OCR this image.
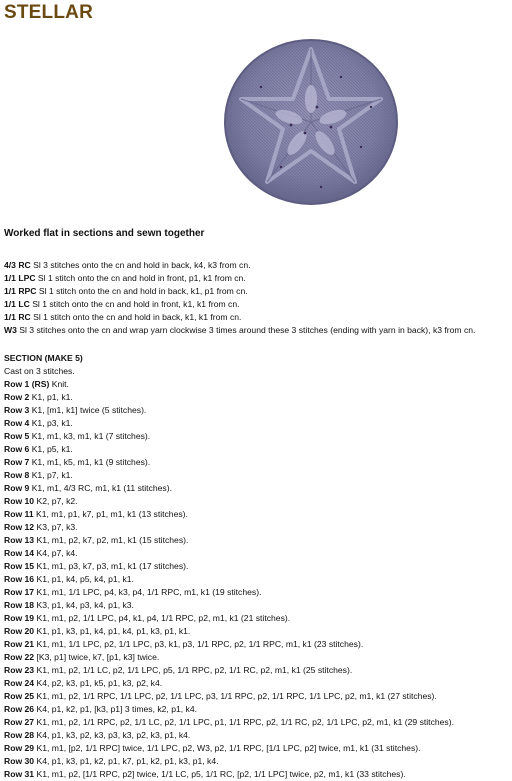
STELLAR
Worked flat in sections and sewn together
4/3 RC Sl 3 stitches onto the cn and hold in back, k4, k3 from cn.
1/1 LPC Sl 1 stitch onto the cn and hold in front, p1, k1 from cn.
1/1 RPC Sl 1 stitch onto the cn and hold in back, k1, p1 from cn.
1/1 LC Sl 1 stitch onto the cn and hold in front, k1, k1 from cn.
1/1 RC Sl 1 stitch onto the cn and hold in back, k1, k1 from cn.
W3 Sl 3 stitches onto the cn and wrap yarn clockwise 3 times around these 3 stitches (ending with yarn in back), k3 from cn.
SECTION (MAKE 5)
Cast on 3 stitches.
Row 1 (RS) Knit.
Row 2 K1, p1, k1.
Row 3 K1, [m1, k1] twice (5 stitches).
Row 4 K1, p3, k1.
Row 5 K1, m1, k3, m1, k1 (7 stitches).
Row 6 K1, p5, k1.
Row 7 K1, m1, k5, m1, k1 (9 stitches).
Row 8 K1, p7, k1.
Row 9 K1, m1, 4/3 RC, m1, k1 (11 stitches).
Row 10 K2, p7, k2.
Row 11 K1, m1, p1, k7, p1, m1, k1 (13 stitches).
Row 12 K3, p7, k3.
Row 13 K1, m1, p2, k7, p2, m1, k1 (15 stitches).
Row 14 K4, p7, k4.
Row 15 K1, m1, p3, k7, p3, m1, k1 (17 stitches).
Row 16 K1, p1, k4, p5, k4, p1, k1.
Row 17 K1, m1, 1/1 LPC, p4, k3, p4, 1/1 RPC, m1, k1 (19 stitches).
Row 18 K3, p1, k4, p3, k4, p1, k3.
Row 19 K1, m1, p2, 1/1 LPC, p4, k1, p4, 1/1 RPC, p2, m1, k1 (21 stitches).
Row 20 K1, p1, k3, p1, k4, p1, k4, p1, k3, p1, k1.
Row 21 K1, m1, 1/1 LPC, p2, 1/1 LPC, p3, k1, p3, 1/1 RPC, p2, 1/1 RPC, m1, k1 (23 stitches).
Row 22 [K3, p1] twice, k7, [p1, k3] twice.
Row 23 K1, m1, p2, 1/1 LC, p2, 1/1 LPC, p5, 1/1 RPC, p2, 1/1 RC, p2, m1, k1 (25 stitches).
Row 24 K4, p2, k3, p1, k5, p1, k3, p2, k4.
Row 25 K1, m1, p2, 1/1 RPC, 1/1 LPC, p2, 1/1 LPC, p3, 1/1 RPC, p2, 1/1 RPC, 1/1 LPC, p2, m1, k1 (27 stitches).
Row 26 K4, p1, k2, p1, [k3, p1] 3 times, k2, p1, k4.
Row 27 K1, m1, p2, 1/1 RPC, p2, 1/1 LC, p2, 1/1 LPC, p1, 1/1 RPC, p2, 1/1 RC, p2, 1/1 LPC, p2, m1, k1 (29 stitches).
Row 28 K4, p1, k3, p2, k3, p3, k3, p2, k3, p1, k4.
Row 29 K1, m1, [p2, 1/1 RPC] twice, 1/1 LPC, p2, W3, p2, 1/1 RPC, [1/1 LPC, p2] twice, m1, k1 (31 stitches).
Row 30 K4, p1, k3, p1, k2, p1, k7, p1, k2, p1, k3, p1, k4.
Row 31 K1, m1, p2, [1/1 RPC, p2] twice, 1/1 LC, p5, 1/1 RC, [p2, 1/1 LPC] twice, p2, m1, k1 (33 stitches).
